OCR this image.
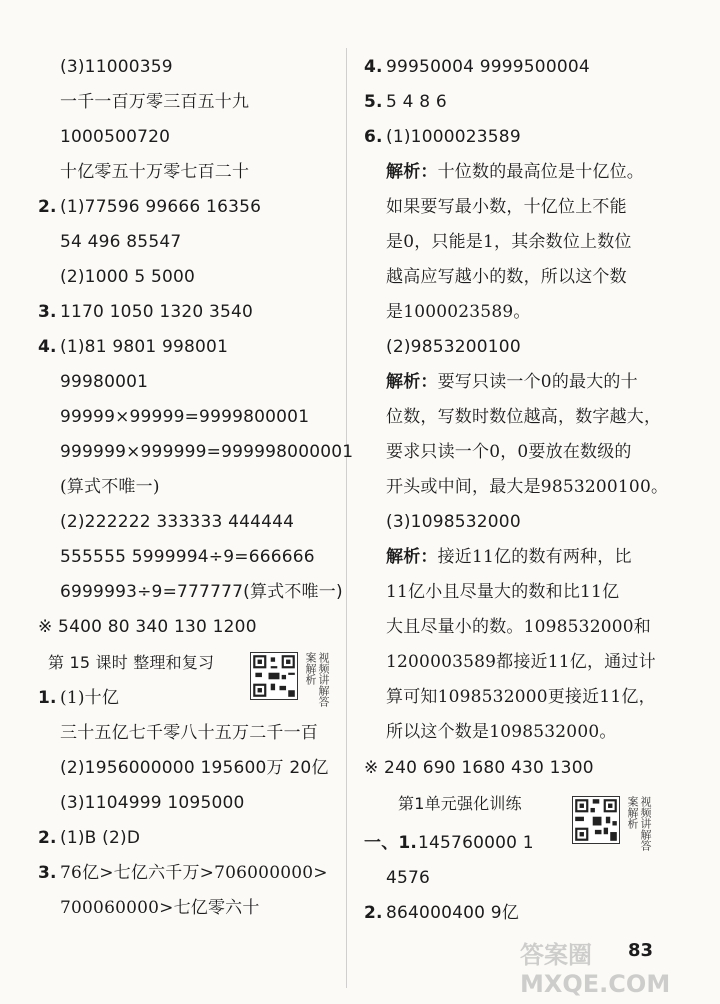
(3)11000359
一千一百万零三百五十九
1000500720
十亿零五十万零七百二十
2. (1)77596 99666 16356
54 496 85547
(2)1000 5 5000
3. 1170 1050 1320 3540
4. (1)81 9801 998001
99980001
99999×99999=9999800001
999999×999999=999998000001
(算式不唯一)
(2)222222 333333 444444
555555 5999994÷9=666666
6999993÷9=777777(算式不唯一)
※ 5400 80 340 130 1200
第 15 课时 整理和复习	视频讲解答案解析
1. (1)十亿
三十五亿七千零八十五万二千一百
(2)1956000000 195600万 20亿
(3)1104999 1095000
2. (1)B (2)D
3. 76亿>七亿六千万>706000000>
700060000>七亿零六十
4. 99950004 9999500004
5. 5 4 8 6
6. (1)1000023589
解析：十位数的最高位是十亿位。
如果要写最小数，十亿位上不能
是0，只能是1，其余数位上数位
越高应写越小的数，所以这个数
是1000023589。
(2)9853200100
解析：要写只读一个0的最大的十
位数，写数时数位越高，数字越大，
要求只读一个0，0要放在数级的
开头或中间，最大是9853200100。
(3)1098532000
解析：接近11亿的数有两种，比
11亿小且尽量大的数和比11亿
大且尽量小的数。1098532000和
1200003589都接近11亿，通过计
算可知1098532000更接近11亿，
所以这个数是1098532000。
※ 240 690 1680 430 1300
第1单元强化训练	视频讲解答案解析
一、1. 145760000 1
4576
2. 864000400 9亿
83
答案圈 MXQE.COM
